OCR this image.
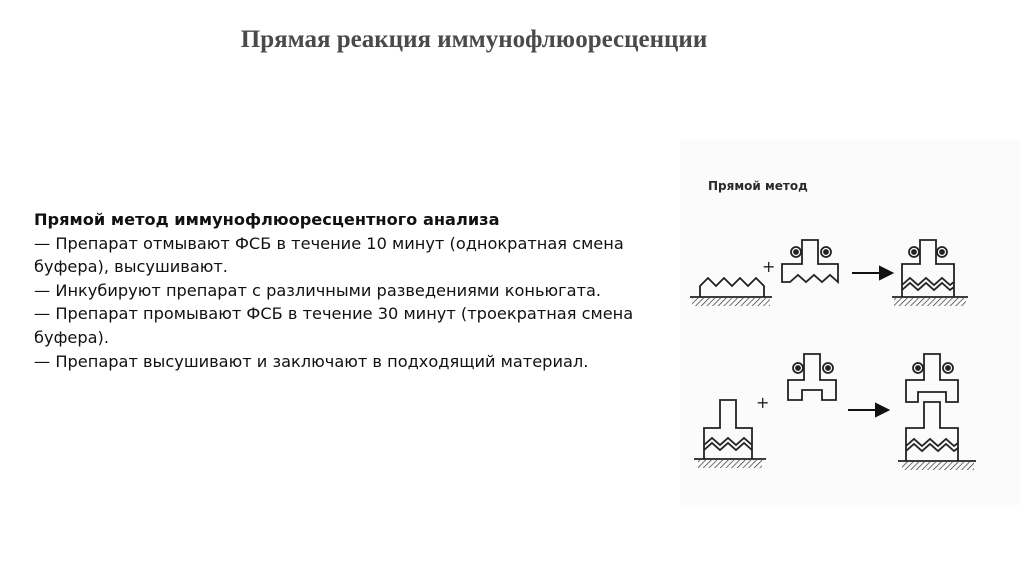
Прямая реакция иммунофлюоресценции
Прямой метод иммунофлюоресцентного анализа
— Препарат отмывают ФСБ в течение 10 минут (однократная смена буфера), высушивают.
— Инкубируют препарат с различными разведениями коньюгата.
— Препарат промывают ФСБ в течение 30 минут (троекратная смена буфера).
— Препарат высушивают и заключают в подходящий материал.
Прямой метод
+
+
